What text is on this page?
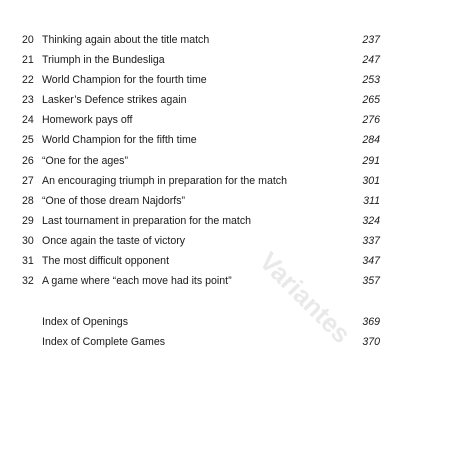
20 Thinking again about the title match	237
21 Triumph in the Bundesliga	247
22 World Champion for the fourth time	253
23 Lasker’s Defence strikes again	265
24 Homework pays off	276
25 World Champion for the fifth time	284
26 “One for the ages”	291
27 An encouraging triumph in preparation for the match	301
28 “One of those dream Najdorfs”	311
29 Last tournament in preparation for the match	324
30 Once again the taste of victory	337
31 The most difficult opponent	347
32 A game where “each move had its point”	357
Index of Openings	369
Index of Complete Games	370
Variantes
